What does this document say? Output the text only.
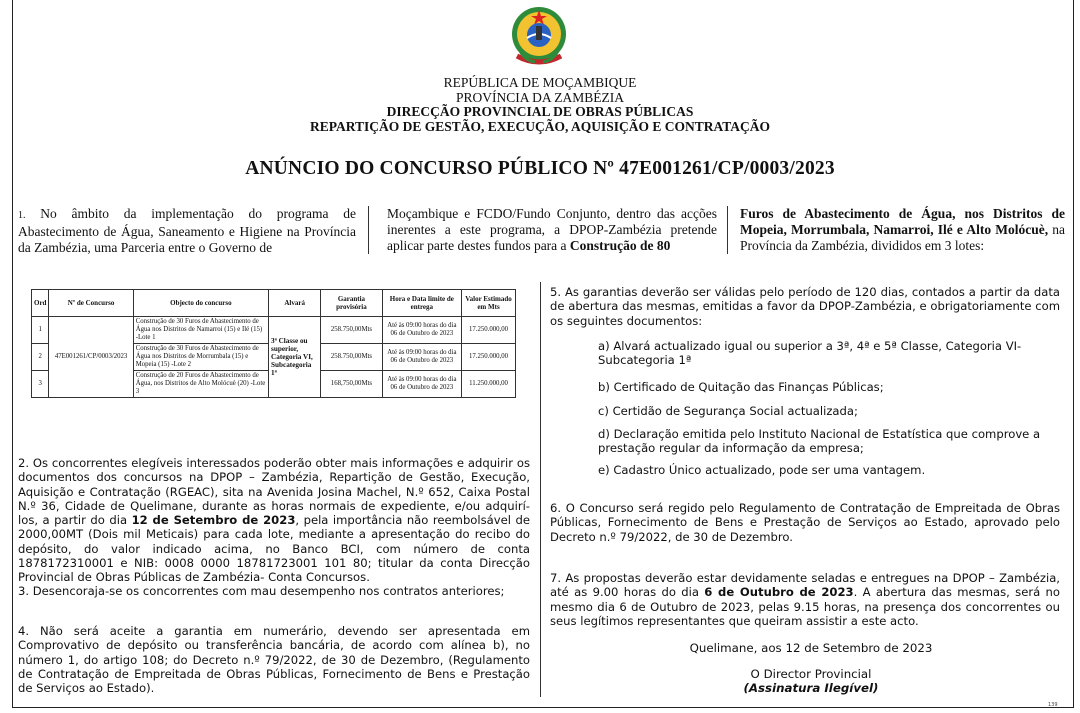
REPÚBLICA DE MOÇAMBIQUE
PROVÍNCIA DA ZAMBÉZIA
DIRECÇÃO PROVINCIAL DE OBRAS PÚBLICAS
REPARTIÇÃO DE GESTÃO, EXECUÇÃO, AQUISIÇÃO E CONTRATAÇÃO
ANÚNCIO DO CONCURSO PÚBLICO Nº 47E001261/CP/0003/2023
1. No âmbito da implementação do programa de Abastecimento de Água, Saneamento e Higiene na Província da Zambézia, uma Parceria entre o Governo de
Moçambique e FCDO/Fundo Conjunto, dentro das acções inerentes a este programa, a DPOP-Zambézia pretende aplicar parte destes fundos para a Construção de 80
Furos de Abastecimento de Água, nos Distritos de Mopeia, Morrumbala, Namarroi, Ilé e Alto Molócuè, na Província da Zambézia, divididos em 3 lotes:
Ord	Nº de Concurso	Objecto do concurso	Alvará	Garantia provisória	Hora e Data limite de entrega	Valor Estimado em Mts
1	47E001261/CP/0003/2023	Construção de 30 Furos de Abastecimento de Água nos Distritos de Namarroi (15) e Ilé (15) -Lote 1	3ª Classe ou superior, Categoria VI, Subcategoria 1ª	258.750,00Mts	Até às 09:00 horas do dia 06 de Outubro de 2023	17.250.000,00
2		Construção de 30 Furos de Abastecimento de Água nos Distritos de Morrumbala (15) e Mopeia (15) -Lote 2		258.750,00Mts	Até às 09:00 horas do dia 06 de Outubro de 2023	17.250.000,00
3		Construção de 20 Furos de Abastecimento de Água, nos Distritos de Alto Molócuè (20) -Lote 3		168,750,00Mts	Até às 09:00 horas do dia 06 de Outubro de 2023	11.250.000,00
2. Os concorrentes elegíveis interessados poderão obter mais informações e adquirir os documentos dos concursos na DPOP – Zambézia, Repartição de Gestão, Execução, Aquisição e Contratação (RGEAC), sita na Avenida Josina Machel, N.º 652, Caixa Postal N.º 36, Cidade de Quelimane, durante as horas normais de expediente, e/ou adquirí-los, a partir do dia 12 de Setembro de 2023, pela importância não reembolsável de 2000,00MT (Dois mil Meticais) para cada lote, mediante a apresentação do recibo do depósito, do valor indicado acima, no Banco BCI, com número de conta 1878172310001 e NIB: 0008 0000 18781723001 101 80; titular da conta Direcção Provincial de Obras Públicas de Zambézia- Conta Concursos.
3. Desencoraja-se os concorrentes com mau desempenho nos contratos anteriores;
4. Não será aceite a garantia em numerário, devendo ser apresentada em Comprovativo de depósito ou transferência bancária, de acordo com alínea b), no número 1, do artigo 108; do Decreto n.º 79/2022, de 30 de Dezembro, (Regulamento de Contratação de Empreitada de Obras Públicas, Fornecimento de Bens e Prestação de Serviços ao Estado).
5. As garantias deverão ser válidas pelo período de 120 dias, contados a partir da data de abertura das mesmas, emitidas a favor da DPOP-Zambézia, e obrigatoriamente com os seguintes documentos:
a) Alvará actualizado igual ou superior a 3ª, 4ª e 5ª Classe, Categoria VI-Subcategoria 1ª
b) Certificado de Quitação das Finanças Públicas;
c) Certidão de Segurança Social actualizada;
d) Declaração emitida pelo Instituto Nacional de Estatística que comprove a prestação regular da informação da empresa;
e) Cadastro Único actualizado, pode ser uma vantagem.
6. O Concurso será regido pelo Regulamento de Contratação de Empreitada de Obras Públicas, Fornecimento de Bens e Prestação de Serviços ao Estado, aprovado pelo Decreto n.º 79/2022, de 30 de Dezembro.
7. As propostas deverão estar devidamente seladas e entregues na DPOP – Zambézia, até as 9.00 horas do dia 6 de Outubro de 2023. A abertura das mesmas, será no mesmo dia 6 de Outubro de 2023, pelas 9.15 horas, na presença dos concorrentes ou seus legítimos representantes que queiram assistir a este acto.
Quelimane, aos 12 de Setembro de 2023
O Director Provincial
(Assinatura Ilegível)
139
